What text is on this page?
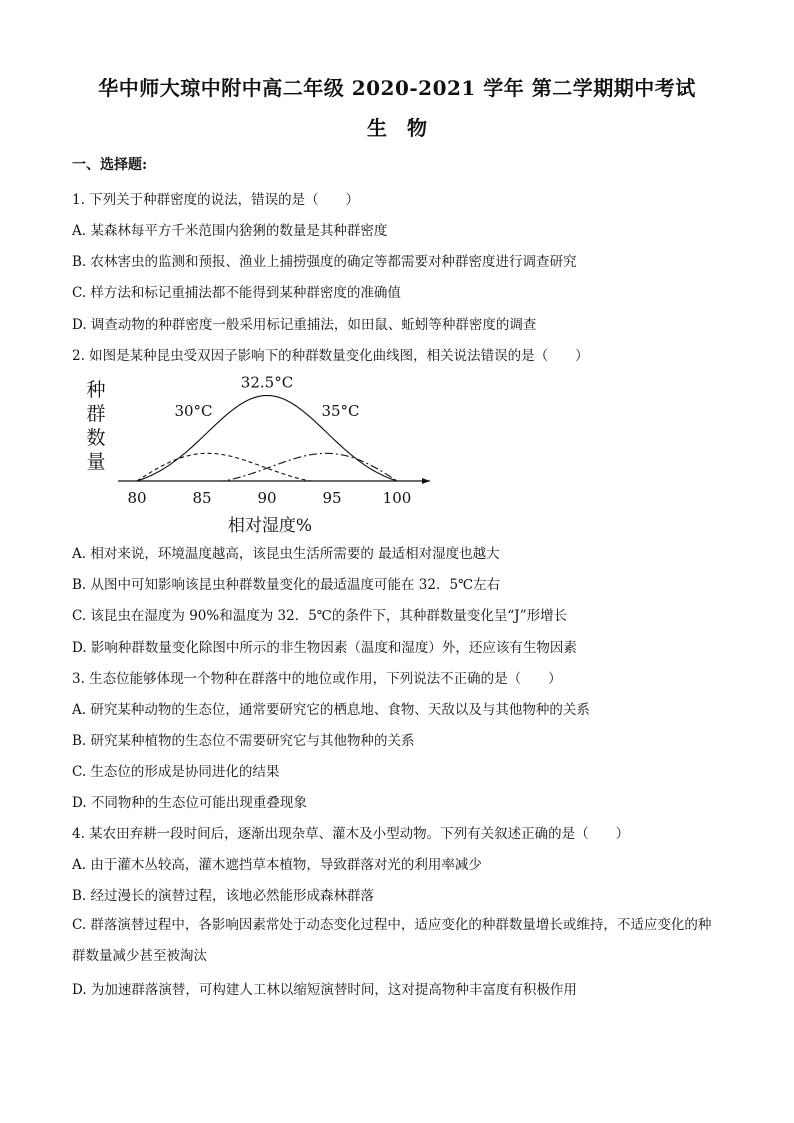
华中师大琼中附中高二年级 2020-2021 学年 第二学期期中考试
生　物
一、选择题:
1. 下列关于种群密度的说法，错误的是（　　）
A. 某森林每平方千米范围内猞猁的数量是其种群密度
B. 农林害虫的监测和预报、渔业上捕捞强度的确定等都需要对种群密度进行调查研究
C. 样方法和标记重捕法都不能得到某种群密度的准确值
D. 调查动物的种群密度一般采用标记重捕法，如田鼠、蚯蚓等种群密度的调查
2. 如图是某种昆虫受双因子影响下的种群数量变化曲线图，相关说法错误的是（　　）
种
群
数
量
80	85	90	95	100
相对湿度%
30°C
32.5°C
35°C
A. 相对来说，环境温度越高，该昆虫生活所需要的 最适相对湿度也越大
B. 从图中可知影响该昆虫种群数量变化的最适温度可能在 32．5℃左右
C. 该昆虫在湿度为 90%和温度为 32．5℃的条件下，其种群数量变化呈“J”形增长
D. 影响种群数量变化除图中所示的非生物因素（温度和湿度）外，还应该有生物因素
3. 生态位能够体现一个物种在群落中的地位或作用，下列说法不正确的是（　　）
A. 研究某种动物的生态位，通常要研究它的栖息地、食物、天敌以及与其他物种的关系
B. 研究某种植物的生态位不需要研究它与其他物种的关系
C. 生态位的形成是协同进化的结果
D. 不同物种的生态位可能出现重叠现象
4. 某农田弃耕一段时间后，逐渐出现杂草、灌木及小型动物。下列有关叙述正确的是（　　）
A. 由于灌木丛较高，灌木遮挡草本植物，导致群落对光的利用率减少
B. 经过漫长的演替过程，该地必然能形成森林群落
C. 群落演替过程中，各影响因素常处于动态变化过程中，适应变化的种群数量增长或维持，不适应变化的种群数量减少甚至被淘汰
D. 为加速群落演替，可构建人工林以缩短演替时间，这对提高物种丰富度有积极作用
